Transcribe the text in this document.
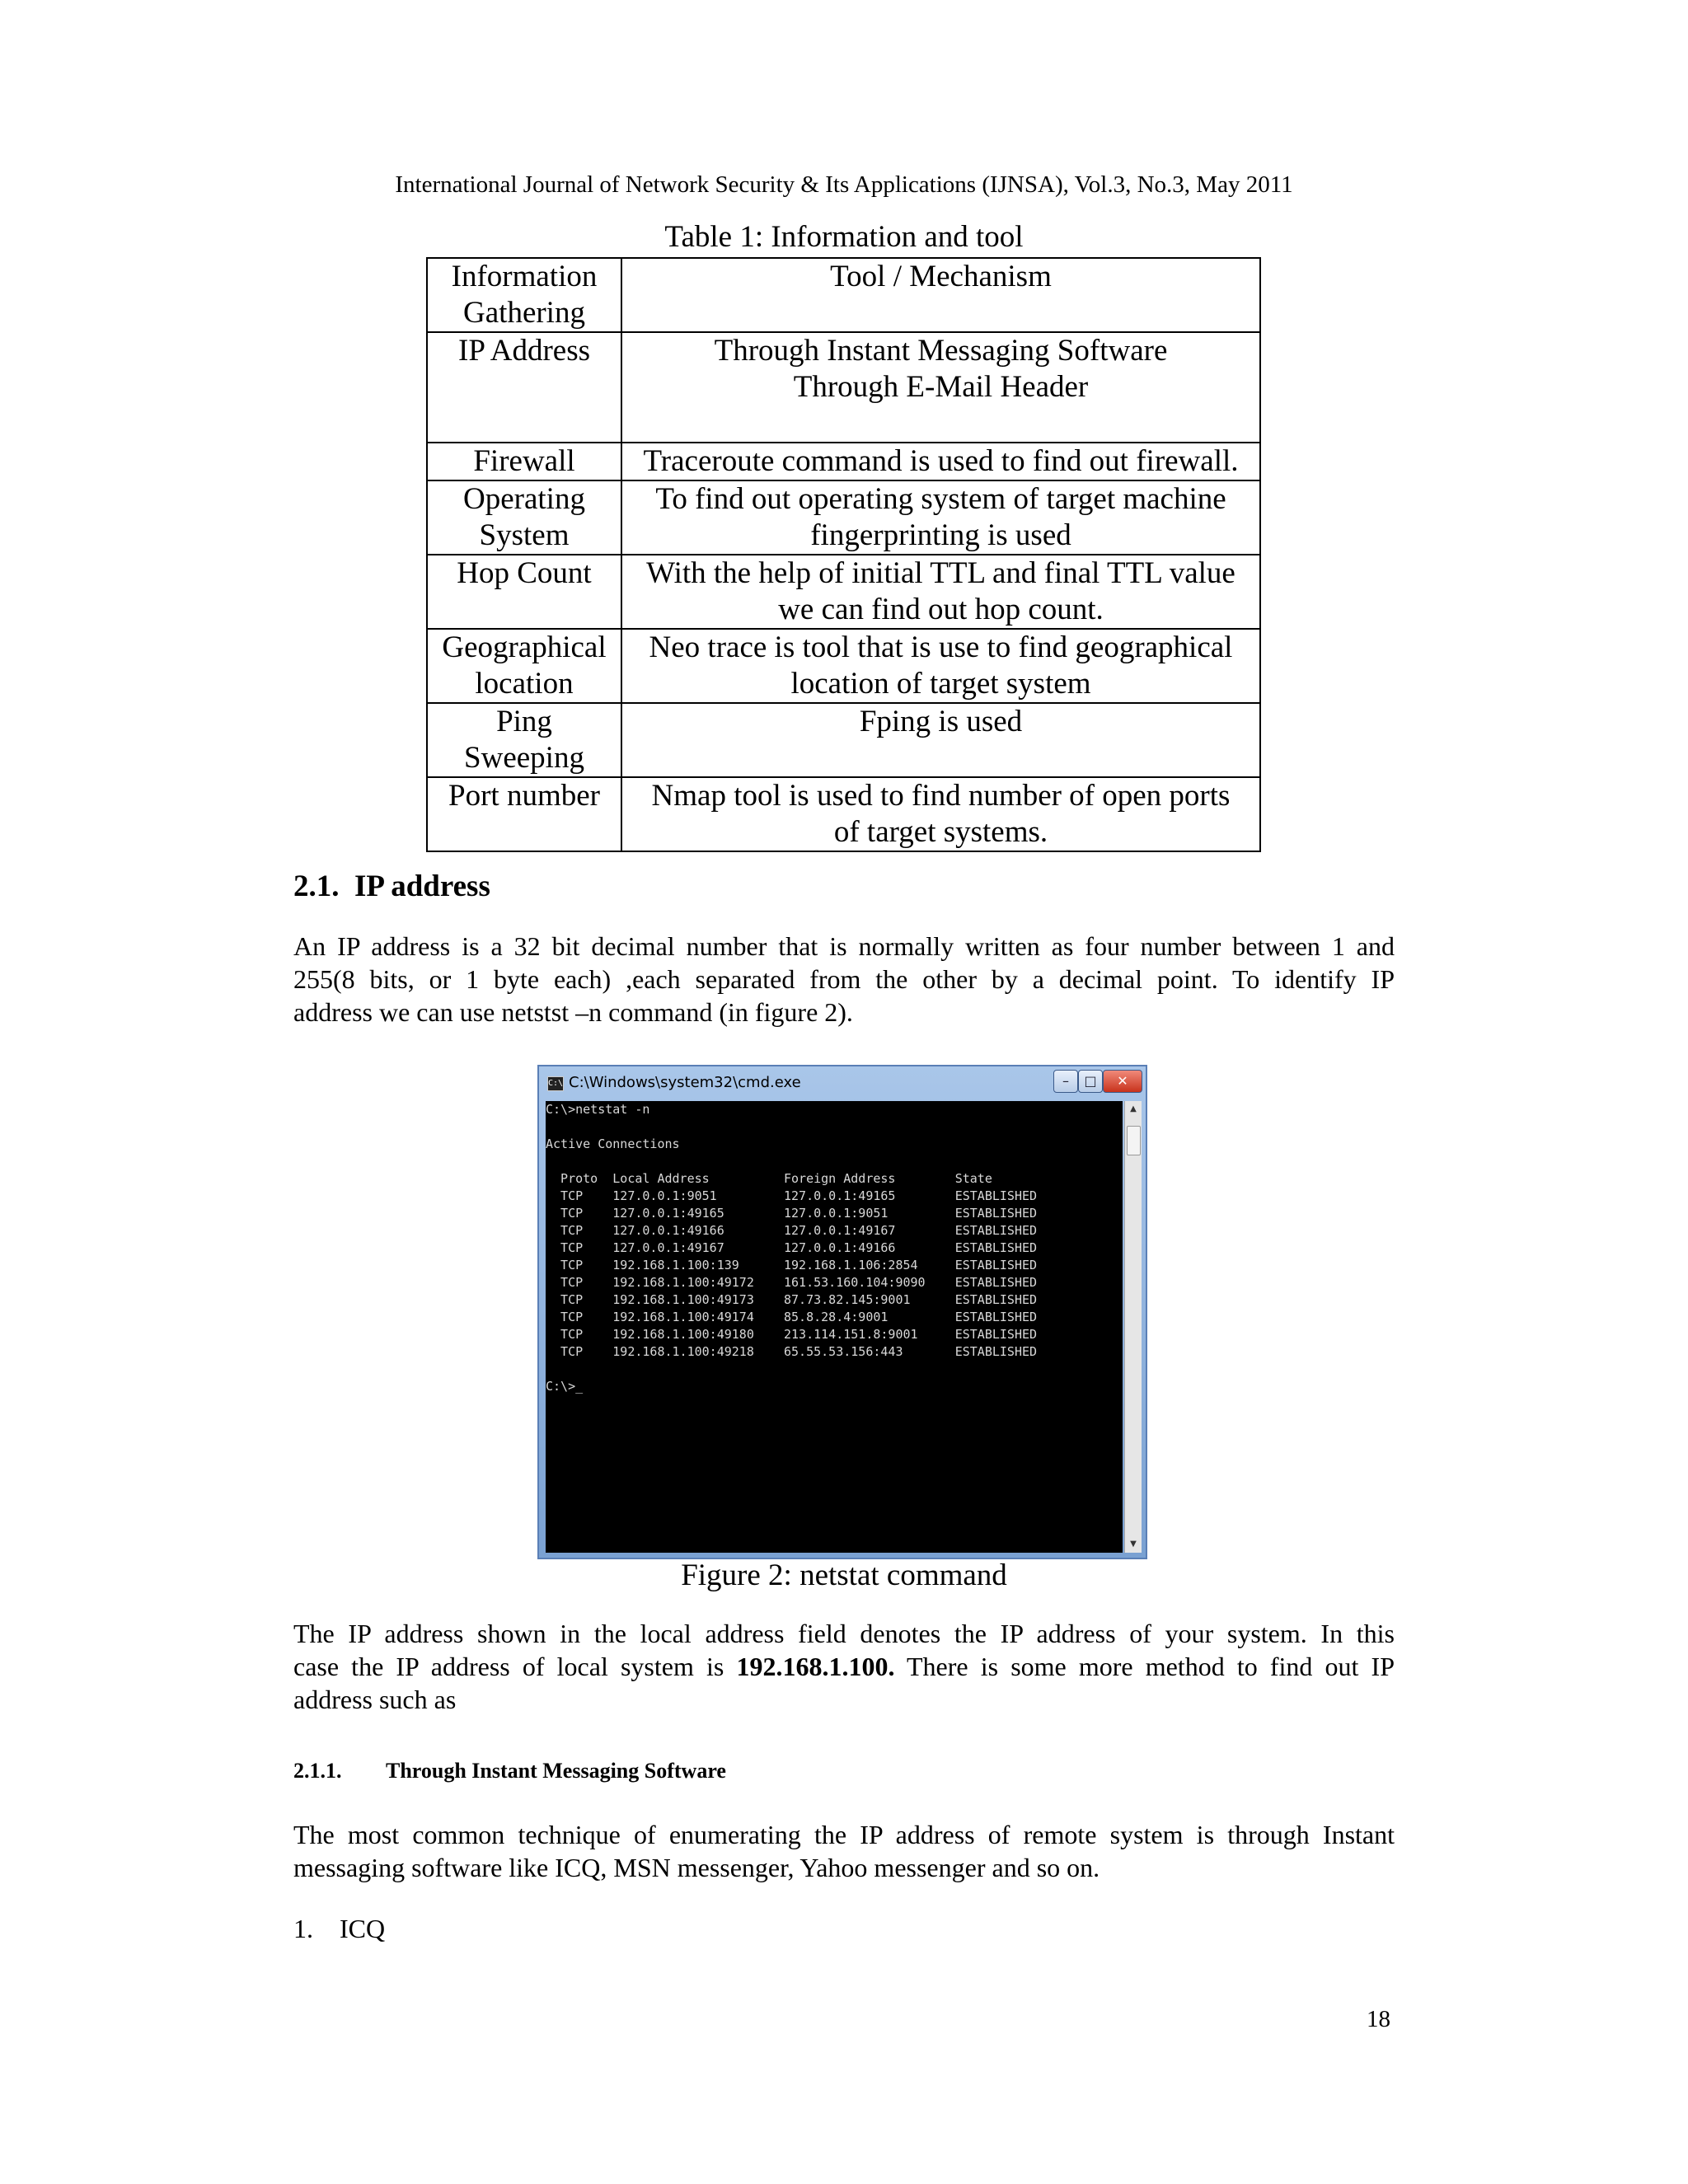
International Journal of Network Security & Its Applications (IJNSA), Vol.3, No.3, May 2011
Table 1: Information and tool
Information Gathering	Tool / Mechanism
IP Address	Through Instant Messaging Software
Through E-Mail Header

Firewall	Traceroute command is used to find out firewall.

Operating System	To find out operating system of target machine
fingerprinting is used

Hop Count	With the help of initial TTL and final TTL value
we can find out hop count.

Geographical location	Neo trace is tool that is use to find geographical
location of target system

Ping Sweeping	Fping is used

Port number	Nmap tool is used to find number of open ports
of target systems.
2.1. IP address
An IP address is a 32 bit decimal number that is normally written as four number between 1 and
255(8 bits, or 1 byte each) ,each separated from the other by a decimal point. To identify IP
address we can use netstst –n command (in figure 2).
C:\ C:\Windows\system32\cmd.exe	–	□	✕
C:\>netstat -n
Active Connections
Proto  Local Address          Foreign Address        State
TCP    127.0.0.1:9051         127.0.0.1:49165        ESTABLISHED
TCP    127.0.0.1:49165        127.0.0.1:9051         ESTABLISHED
TCP    127.0.0.1:49166        127.0.0.1:49167        ESTABLISHED
TCP    127.0.0.1:49167        127.0.0.1:49166        ESTABLISHED
TCP    192.168.1.100:139      192.168.1.106:2854     ESTABLISHED
TCP    192.168.1.100:49172    161.53.160.104:9090    ESTABLISHED
TCP    192.168.1.100:49173    87.73.82.145:9001      ESTABLISHED
TCP    192.168.1.100:49174    85.8.28.4:9001         ESTABLISHED
TCP    192.168.1.100:49180    213.114.151.8:9001     ESTABLISHED
TCP    192.168.1.100:49218    65.55.53.156:443       ESTABLISHED
C:\>_
▲
▼
Figure 2: netstat command
The IP address shown in the local address field denotes the IP address of your system. In this
case the IP address of local system is 192.168.1.100. There is some more method to find out IP
address such as
2.1.1. Through Instant Messaging Software
The most common technique of enumerating the IP address of remote system is through Instant
messaging software like ICQ, MSN messenger, Yahoo messenger and so on.
1. ICQ
18
